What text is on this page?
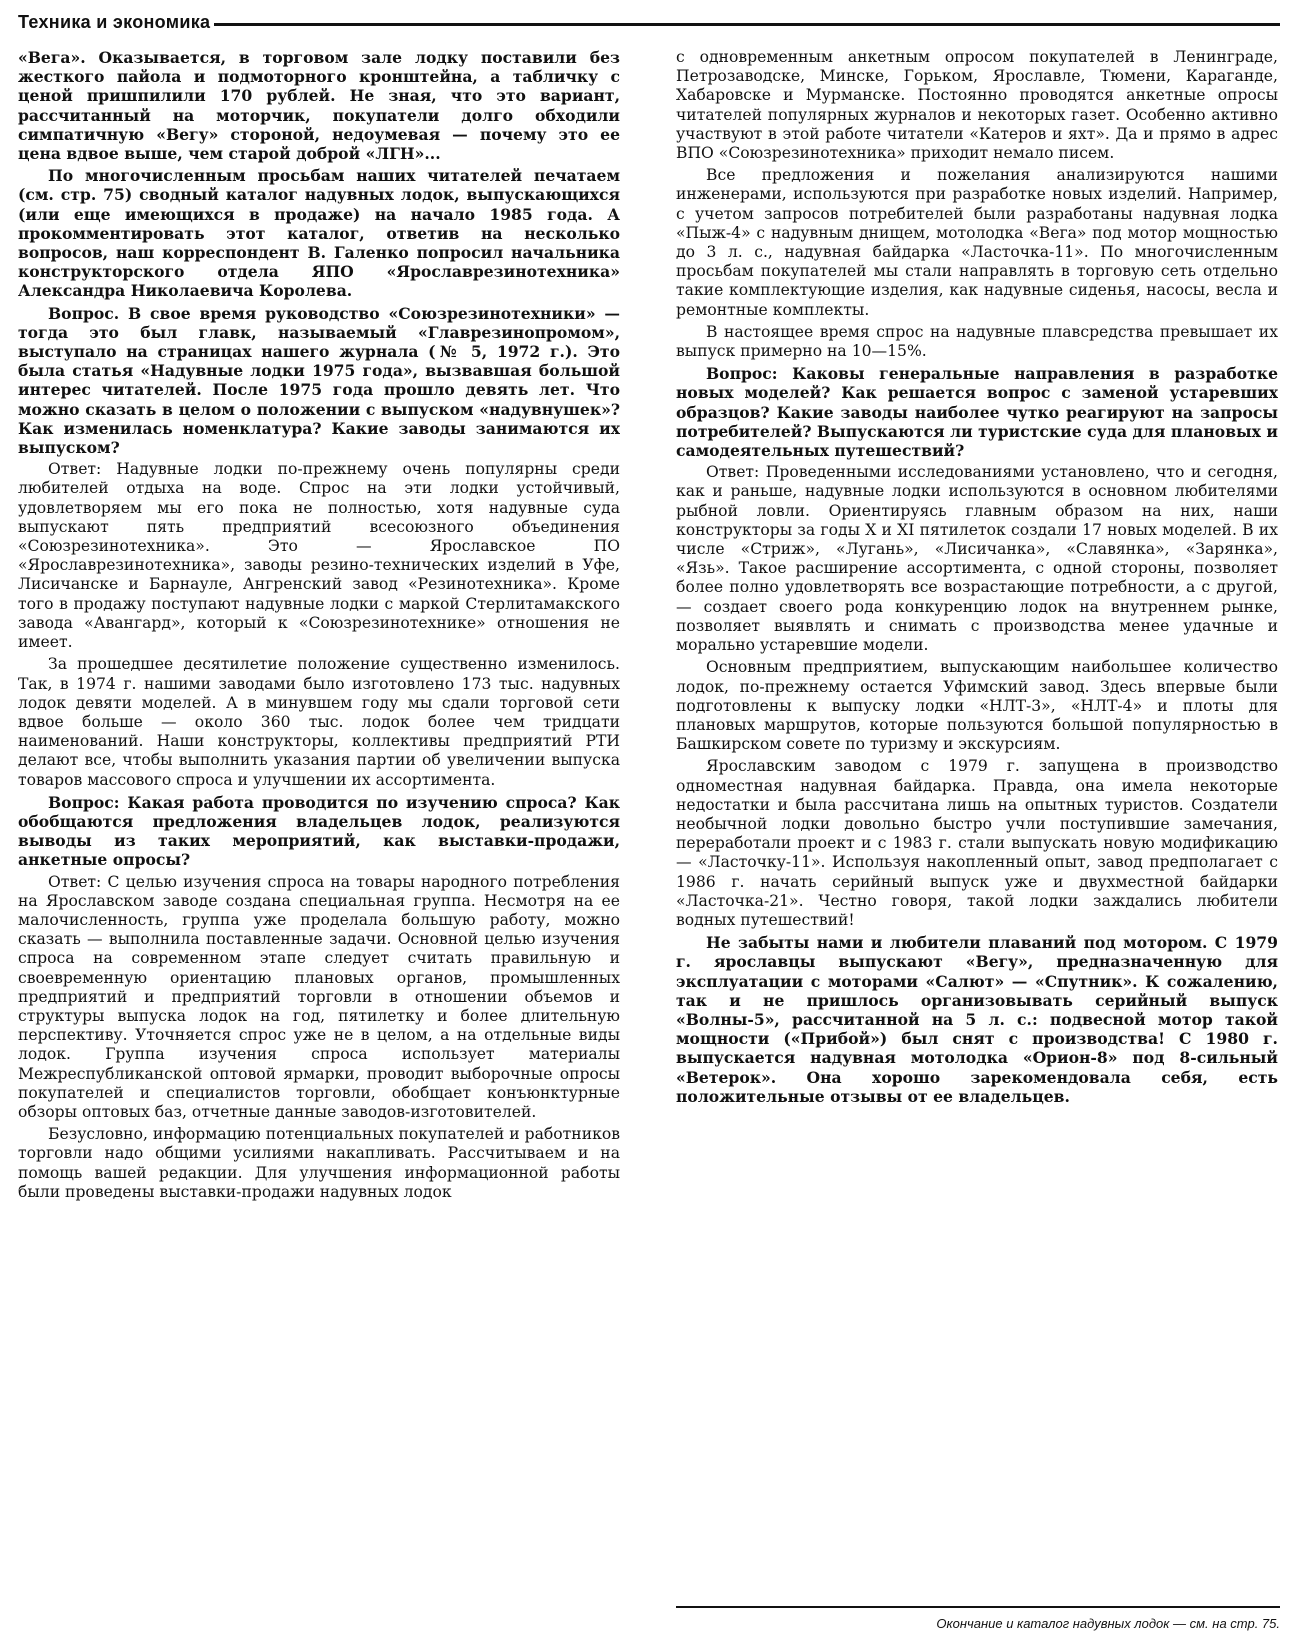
Техника и экономика

«Вега». Оказывается, в торговом зале лодку поставили без жесткого пайола и подмоторного кронштейна, а табличку с ценой пришпилили 170 рублей. Не зная, что это вариант, рассчитанный на моторчик, покупатели долго обходили симпатичную «Вегу» стороной, недоумевая — почему это ее цена вдвое выше, чем старой доброй «ЛГН»...

По многочисленным просьбам наших читателей печатаем (см. стр. 75) сводный каталог надувных лодок, выпускающихся (или еще имеющихся в продаже) на начало 1985 года. А прокомментировать этот каталог, ответив на несколько вопросов, наш корреспондент В. Галенко попросил начальника конструкторского отдела ЯПО «Ярославрезинотехника» Александра Николаевича Королева.

Вопрос. В свое время руководство «Союзрезинотехники» — тогда это был главк, называемый «Главрезинопромом», выступало на страницах нашего журнала (№ 5, 1972 г.). Это была статья «Надувные лодки 1975 года», вызвавшая большой интерес читателей. После 1975 года прошло девять лет. Что можно сказать в целом о положении с выпуском «надувнушек»? Как изменилась номенклатура? Какие заводы занимаются их выпуском?

Ответ: Надувные лодки по-прежнему очень популярны среди любителей отдыха на воде. Спрос на эти лодки устойчивый, удовлетворяем мы его пока не полностью, хотя надувные суда выпускают пять предприятий всесоюзного объединения «Союзрезинотехника». Это — Ярославское ПО «Ярославрезинотехника», заводы резино-технических изделий в Уфе, Лисичанске и Барнауле, Ангренский завод «Резинотехника». Кроме того в продажу поступают надувные лодки с маркой Стерлитамакского завода «Авангард», который к «Союзрезинотехнике» отношения не имеет.

За прошедшее десятилетие положение существенно изменилось. Так, в 1974 г. нашими заводами было изготовлено 173 тыс. надувных лодок девяти моделей. А в минувшем году мы сдали торговой сети вдвое больше — около 360 тыс. лодок более чем тридцати наименований. Наши конструкторы, коллективы предприятий РТИ делают все, чтобы выполнить указания партии об увеличении выпуска товаров массового спроса и улучшении их ассортимента.

Вопрос: Какая работа проводится по изучению спроса? Как обобщаются предложения владельцев лодок, реализуются выводы из таких мероприятий, как выставки-продажи, анкетные опросы?

Ответ: С целью изучения спроса на товары народного потребления на Ярославском заводе создана специальная группа. Несмотря на ее малочисленность, группа уже проделала большую работу, можно сказать — выполнила поставленные задачи. Основной целью изучения спроса на современном этапе следует считать правильную и своевременную ориентацию плановых органов, промышленных предприятий и предприятий торговли в отношении объемов и структуры выпуска лодок на год, пятилетку и более длительную перспективу. Уточняется спрос уже не в целом, а на отдельные виды лодок. Группа изучения спроса использует материалы Межреспубликанской оптовой ярмарки, проводит выборочные опросы покупателей и специалистов торговли, обобщает конъюнктурные обзоры оптовых баз, отчетные данные заводов-изготовителей.

Безусловно, информацию потенциальных покупателей и работников торговли надо общими усилиями накапливать. Рассчитываем и на помощь вашей редакции. Для улучшения информационной работы были проведены выставки-продажи надувных лодок

с одновременным анкетным опросом покупателей в Ленинграде, Петрозаводске, Минске, Горьком, Ярославле, Тюмени, Караганде, Хабаровске и Мурманске. Постоянно проводятся анкетные опросы читателей популярных журналов и некоторых газет. Особенно активно участвуют в этой работе читатели «Катеров и яхт». Да и прямо в адрес ВПО «Союзрезинотехника» приходит немало писем.

Все предложения и пожелания анализируются нашими инженерами, используются при разработке новых изделий. Например, с учетом запросов потребителей были разработаны надувная лодка «Пыж-4» с надувным днищем, мотолодка «Вега» под мотор мощностью до 3 л. с., надувная байдарка «Ласточка-11». По многочисленным просьбам покупателей мы стали направлять в торговую сеть отдельно такие комплектующие изделия, как надувные сиденья, насосы, весла и ремонтные комплекты.

В настоящее время спрос на надувные плавсредства превышает их выпуск примерно на 10—15%.

Вопрос: Каковы генеральные направления в разработке новых моделей? Как решается вопрос с заменой устаревших образцов? Какие заводы наиболее чутко реагируют на запросы потребителей? Выпускаются ли туристские суда для плановых и самодеятельных путешествий?

Ответ: Проведенными исследованиями установлено, что и сегодня, как и раньше, надувные лодки используются в основном любителями рыбной ловли. Ориентируясь главным образом на них, наши конструкторы за годы X и XI пятилеток создали 17 новых моделей. В их числе «Стриж», «Лугань», «Лисичанка», «Славянка», «Зарянка», «Язь». Такое расширение ассортимента, с одной стороны, позволяет более полно удовлетворять все возрастающие потребности, а с другой,— создает своего рода конкуренцию лодок на внутреннем рынке, позволяет выявлять и снимать с производства менее удачные и морально устаревшие модели.

Основным предприятием, выпускающим наибольшее количество лодок, по-прежнему остается Уфимский завод. Здесь впервые были подготовлены к выпуску лодки «НЛТ-3», «НЛТ-4» и плоты для плановых маршрутов, которые пользуются большой популярностью в Башкирском совете по туризму и экскурсиям.

Ярославским заводом с 1979 г. запущена в производство одноместная надувная байдарка. Правда, она имела некоторые недостатки и была рассчитана лишь на опытных туристов. Создатели необычной лодки довольно быстро учли поступившие замечания, переработали проект и с 1983 г. стали выпускать новую модификацию — «Ласточку-11». Используя накопленный опыт, завод предполагает с 1986 г. начать серийный выпуск уже и двухместной байдарки «Ласточка-21». Честно говоря, такой лодки заждались любители водных путешествий!

Не забыты нами и любители плаваний под мотором. С 1979 г. ярославцы выпускают «Вегу», предназначенную для эксплуатации с моторами «Салют» — «Спутник». К сожалению, так и не пришлось организовывать серийный выпуск «Волны-5», рассчитанной на 5 л. с.: подвесной мотор такой мощности («Прибой») был снят с производства! С 1980 г. выпускается надувная мотолодка «Орион-8» под 8-сильный «Ветерок». Она хорошо зарекомендовала себя, есть положительные отзывы от ее владельцев.

Окончание и каталог надувных лодок — см. на стр. 75.
